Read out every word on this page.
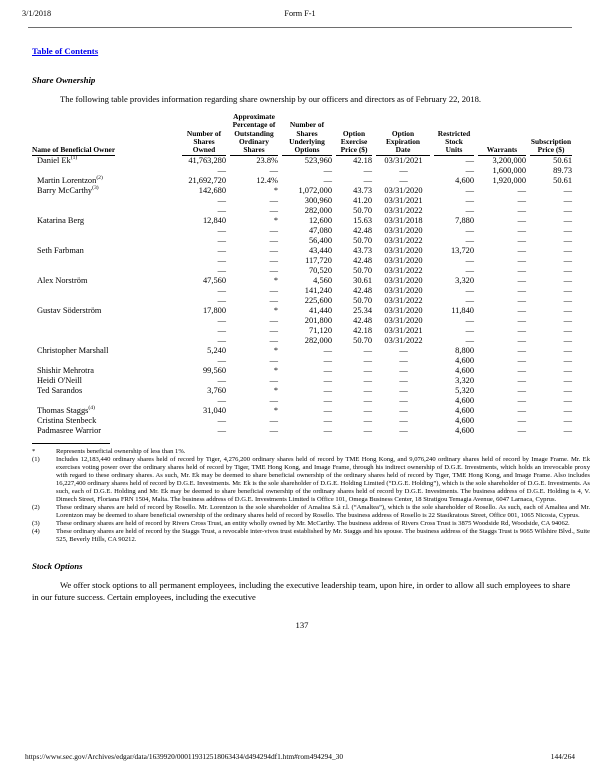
3/1/2018	Form F-1
Table of Contents
Share Ownership

The following table provides information regarding share ownership by our officers and directors as of February 22, 2018.

Name of Beneficial Owner	Number of
Shares
Owned	Approximate
Percentage of
Outstanding
Ordinary
Shares	Number of
Shares
Underlying
Options	Option
Exercise
Price ($)	Option
Expiration
Date	Restricted
Stock
Units	Warrants	Subscription
Price ($)

Daniel Ek$^{(1)}$	41,763,280	23.8%	523,960	42.18	03/31/2021	—	3,200,000	50.61
	—	—	—	—	—	—	1,600,000	89.73
Martin Lorentzon$^{(2)}$	21,692,720	12.4%	—	—	—	4,600	1,920,000	50.61
Barry McCarthy$^{(3)}$	142,680	*	1,072,000	43.73	03/31/2020	—	—	—
	—	—	300,960	41.20	03/31/2021	—	—	—
	—	—	282,000	50.70	03/31/2022	—	—	—
Katarina Berg	12,840	*	12,600	15.63	03/31/2018	7,880	—	—
	—	—	47,080	42.48	03/31/2020	—	—	—
	—	—	56,400	50.70	03/31/2022	—	—	—
Seth Farbman	—	—	43,440	43.73	03/31/2020	13,720	—	—
	—	—	117,720	42.48	03/31/2020	—	—	—
	—	—	70,520	50.70	03/31/2022	—	—	—
Alex Norström	47,560	*	4,560	30.61	03/31/2020	3,320	—	—
	—	—	141,240	42.48	03/31/2020	—	—	—
	—	—	225,600	50.70	03/31/2022	—	—	—
Gustav Söderström	17,800	*	41,440	25.34	03/31/2020	11,840	—	—
	—	—	201,800	42.48	03/31/2020	—	—	—
	—	—	71,120	42.18	03/31/2021	—	—	—
	—	—	282,000	50.70	03/31/2022	—	—	—
Christopher Marshall	5,240	*	—	—	—	8,800	—	—
	—	—	—	—	—	4,600	—	—
Shishir Mehrotra	99,560	*	—	—	—	4,600	—	—
Heidi O'Neill	—	—	—	—	—	3,320	—	—
Ted Sarandos	3,760	*	—	—	—	5,320	—	—
	—	—	—	—	—	4,600	—	—
Thomas Staggs$^{(4)}$	31,040	*	—	—	—	4,600	—	—
Cristina Stenbeck	—	—	—	—	—	4,600	—	—
Padmasree Warrior	—	—	—	—	—	4,600	—	—
*	Represents beneficial ownership of less than 1%.
(1)	Includes 12,183,440 ordinary shares held of record by Tiger, 4,276,200 ordinary shares held of record by TME Hong Kong, and 9,076,240 ordinary shares held of record by Image Frame. Mr. Ek exercises voting power over the ordinary shares held of record by Tiger, TME Hong Kong, and Image Frame, through his indirect ownership of D.G.E. Investments, which holds an irrevocable proxy with regard to these ordinary shares. As such, Mr. Ek may be deemed to share beneficial ownership of the ordinary shares held of record by Tiger, TME Hong Kong, and Image Frame. Also includes 16,227,400 ordinary shares held of record by D.G.E. Investments. Mr. Ek is the sole shareholder of D.G.E. Holding Limited (“D.G.E. Holding”), which is the sole shareholder of D.G.E. Investments. As such, each of D.G.E. Holding and Mr. Ek may be deemed to share beneficial ownership of the ordinary shares held of record by D.G.E. Investments. The business address of D.G.E. Holding is 4, V. Dimech Street, Floriana FRN 1504, Malta. The business address of D.G.E. Investments Limited is Office 101, Omega Business Center, 18 Stratigou Temagia Avenue, 6047 Larnaca, Cyprus.
(2)	These ordinary shares are held of record by Rosello. Mr. Lorentzon is the sole shareholder of Amaltea S.à r.l. (“Amaltea”), which is the sole shareholder of Rosello. As such, each of Amaltea and Mr. Lorentzon may be deemed to share beneficial ownership of the ordinary shares held of record by Rosello. The business address of Rosello is 22 Stasikratous Street, Office 001, 1065 Nicosia, Cyprus.
(3)	These ordinary shares are held of record by Rivers Cross Trust, an entity wholly owned by Mr. McCarthy. The business address of Rivers Cross Trust is 3875 Woodside Rd, Woodside, CA 94062.
(4)	These ordinary shares are held of record by the Staggs Trust, a revocable inter-vivos trust established by Mr. Staggs and his spouse. The business address of the Staggs Trust is 9665 Wilshire Blvd., Suite 525, Beverly Hills, CA 90212.
Stock Options

We offer stock options to all permanent employees, including the executive leadership team, upon hire, in order to allow all such employees to share in our future success. Certain employees, including the executive

137
https://www.sec.gov/Archives/edgar/data/1639920/000119312518063434/d494294df1.htm#rom494294_30	144/264
